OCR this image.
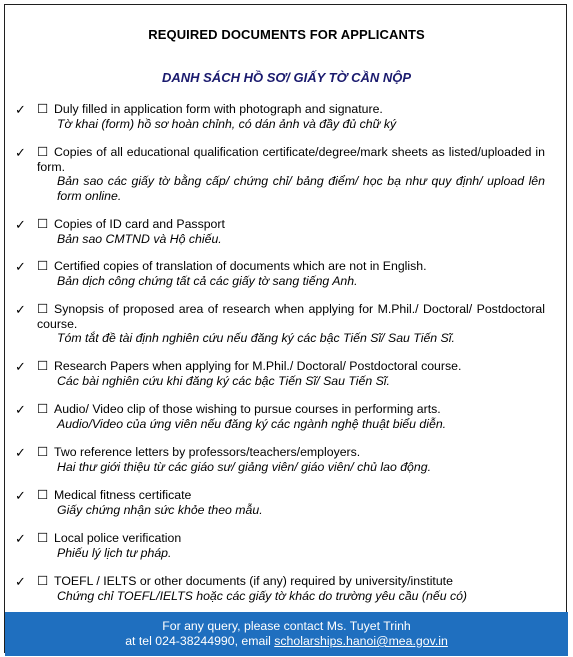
REQUIRED DOCUMENTS FOR APPLICANTS
DANH SÁCH HỒ SƠ/ GIẤY TỜ CẦN NỘP
✓ ☐ Duly filled in application form with photograph and signature.
Tờ khai (form) hồ sơ hoàn chỉnh, có dán ảnh và đầy đủ chữ ký
✓ ☐ Copies of all educational qualification certificate/degree/mark sheets as listed/uploaded in form.
Bản sao các giấy tờ bằng cấp/ chứng chỉ/ bảng điểm/ học bạ như quy định/ upload lên form online.
✓ ☐ Copies of ID card and Passport
Bản sao CMTND và Hộ chiếu.
✓ ☐ Certified copies of translation of documents which are not in English.
Bản dịch công chứng tất cả các giấy tờ sang tiếng Anh.
✓ ☐ Synopsis of proposed area of research when applying for M.Phil./ Doctoral/ Postdoctoral course.
Tóm tắt đề tài định nghiên cứu nếu đăng ký các bậc Tiến Sĩ/ Sau Tiến Sĩ.
✓ ☐ Research Papers when applying for M.Phil./ Doctoral/ Postdoctoral course.
Các bài nghiên cứu khi đăng ký các bậc Tiến Sĩ/ Sau Tiến Sĩ.
✓ ☐ Audio/ Video clip of those wishing to pursue courses in performing arts.
Audio/Video của ứng viên nếu đăng ký các ngành nghệ thuật biểu diễn.
✓ ☐ Two reference letters by professors/teachers/employers.
Hai thư giới thiệu từ các giáo sư/ giảng viên/ giáo viên/ chủ lao động.
✓ ☐ Medical fitness certificate
Giấy chứng nhận sức khỏe theo mẫu.
✓ ☐ Local police verification
Phiếu lý lịch tư pháp.
✓ ☐ TOEFL / IELTS or other documents (if any) required by university/institute
Chứng chỉ TOEFL/IELTS hoặc các giấy tờ khác do trường yêu cầu (nếu có)
For any query, please contact Ms. Tuyet Trinh
at tel 024-38244990, email scholarships.hanoi@mea.gov.in
